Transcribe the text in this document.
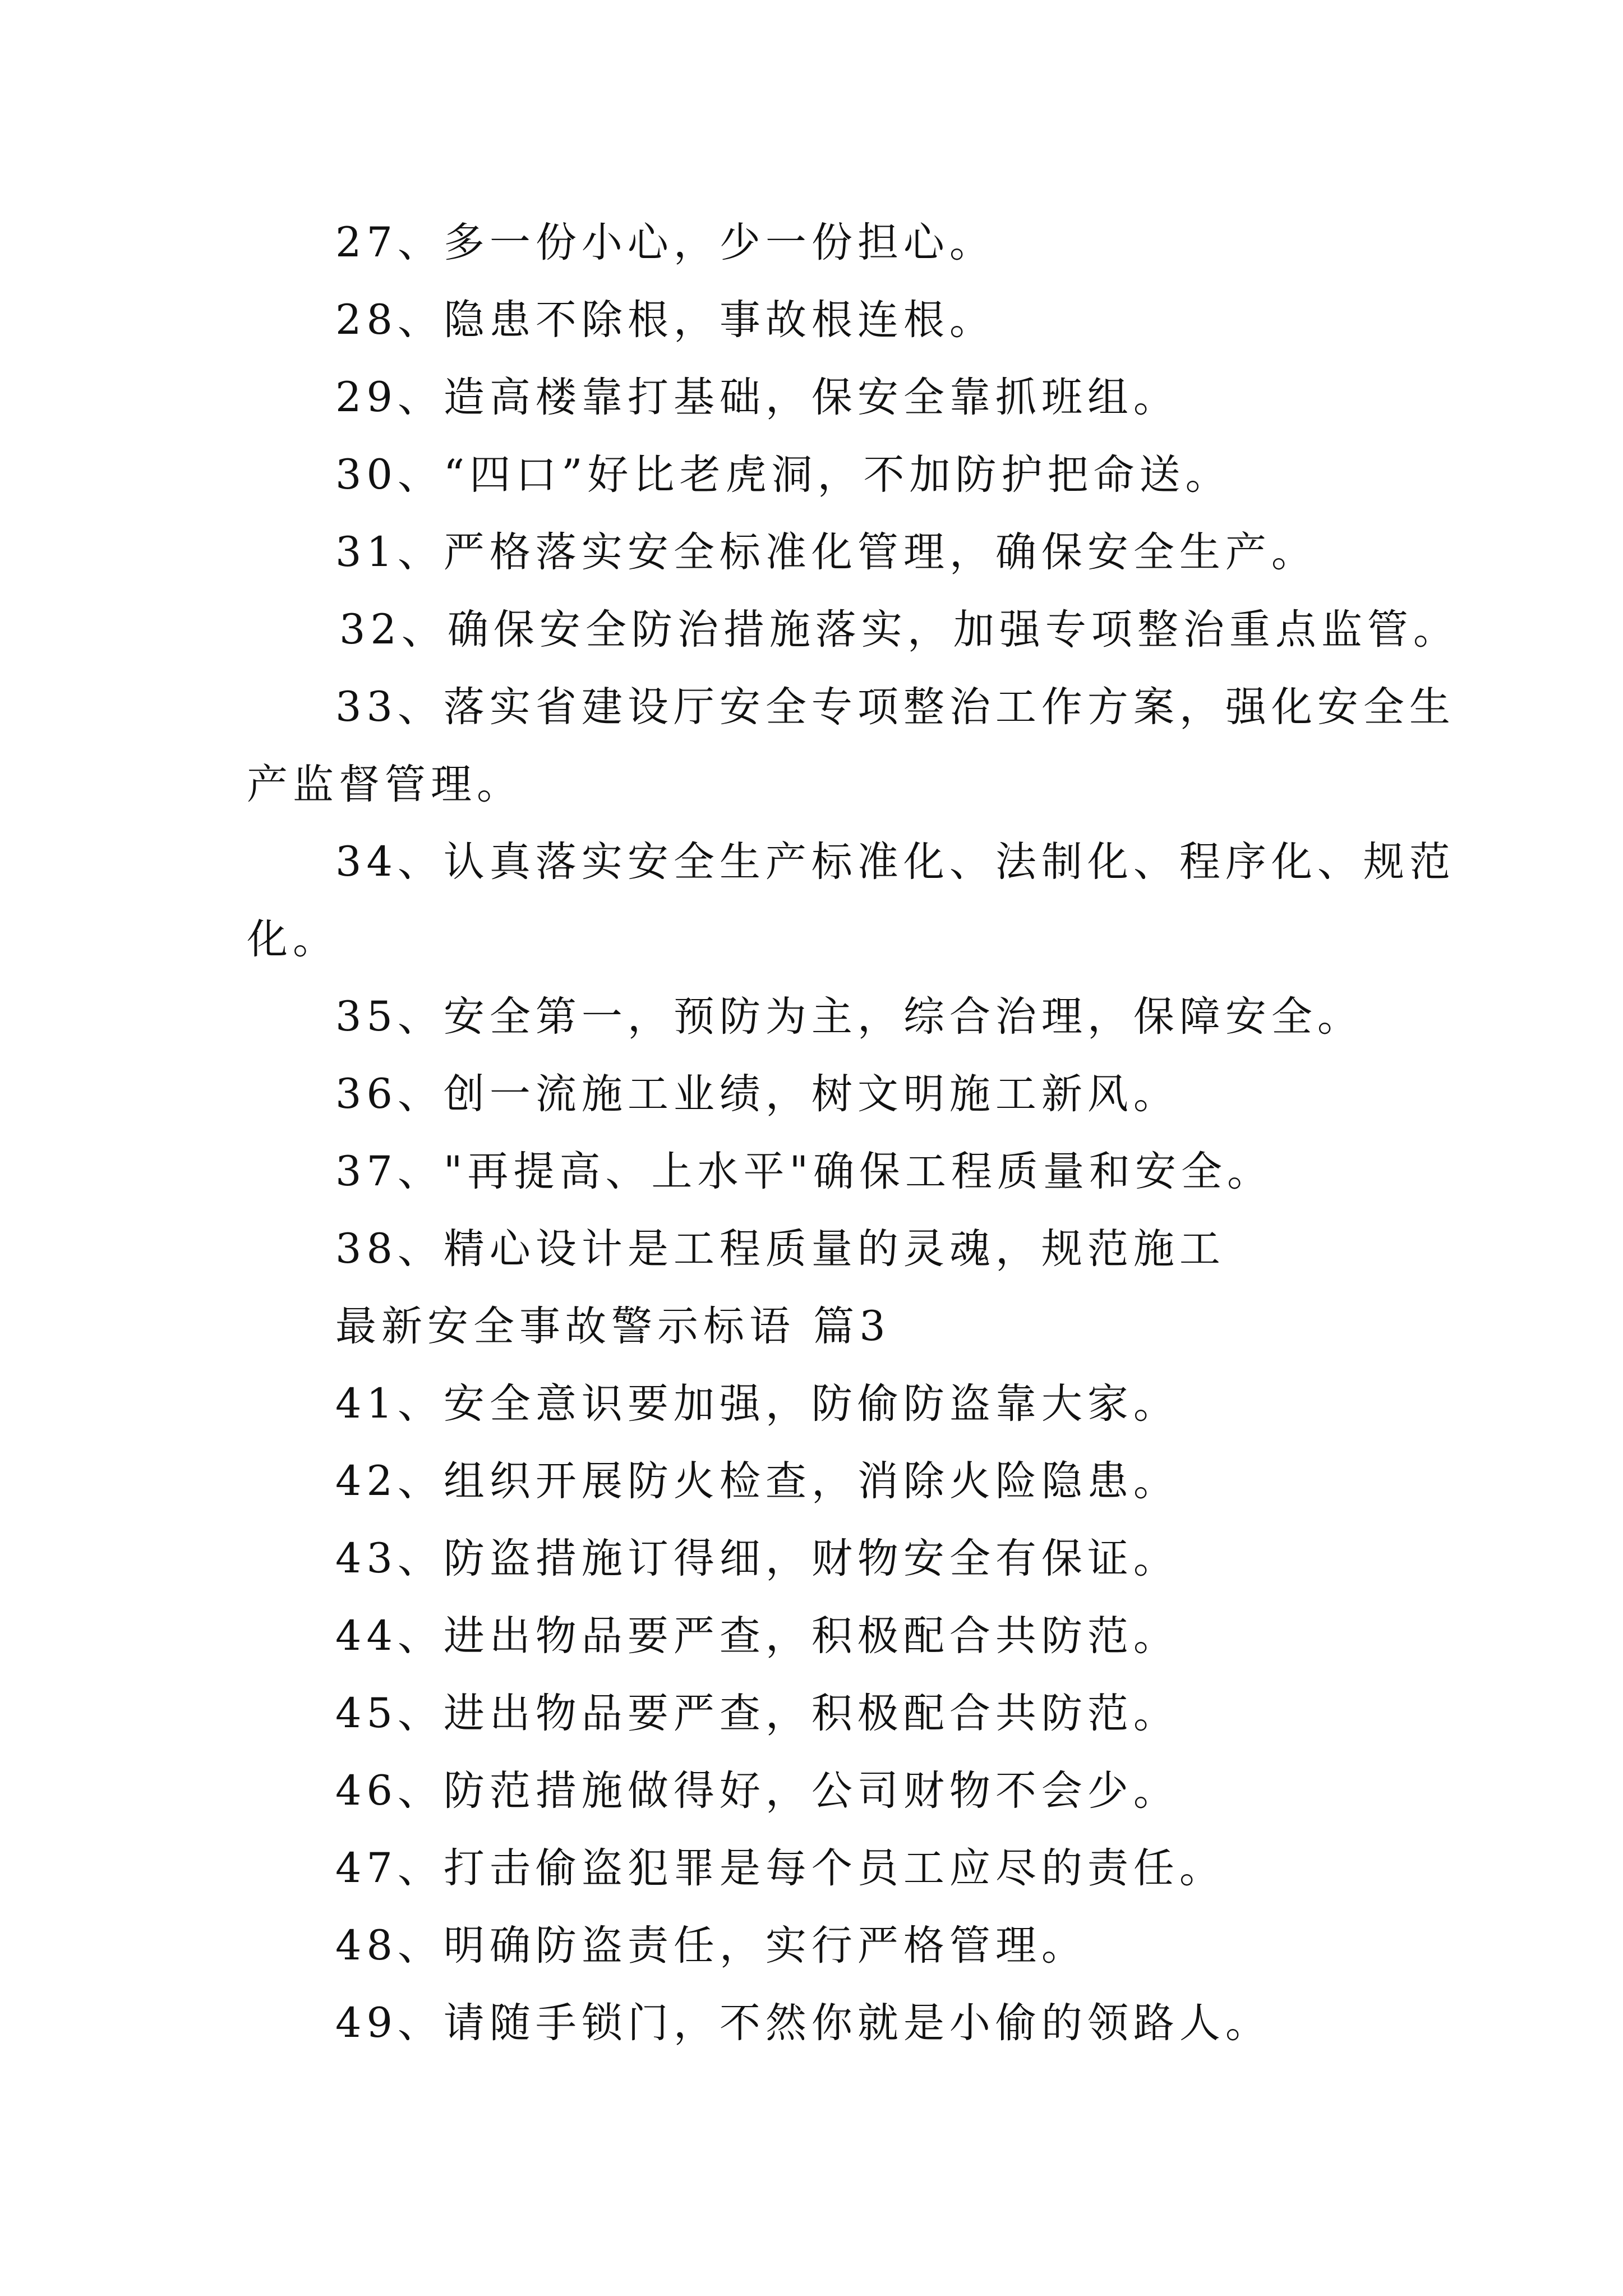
27、多一份小心，少一份担心。
28、隐患不除根，事故根连根。
29、造高楼靠打基础，保安全靠抓班组。
30、“四口”好比老虎洞，不加防护把命送。
31、严格落实安全标准化管理，确保安全生产。
32、确保安全防治措施落实，加强专项整治重点监管。
33、落实省建设厅安全专项整治工作方案，强化安全生
产监督管理。
34、认真落实安全生产标准化、法制化、程序化、规范
化。
35、安全第一，预防为主，综合治理，保障安全。
36、创一流施工业绩，树文明施工新风。
37、"再提高、上水平"确保工程质量和安全。
38、精心设计是工程质量的灵魂，规范施工
最新安全事故警示标语 篇3
41、安全意识要加强，防偷防盗靠大家。
42、组织开展防火检查，消除火险隐患。
43、防盗措施订得细，财物安全有保证。
44、进出物品要严查，积极配合共防范。
45、进出物品要严查，积极配合共防范。
46、防范措施做得好，公司财物不会少。
47、打击偷盗犯罪是每个员工应尽的责任。
48、明确防盗责任，实行严格管理。
49、请随手锁门，不然你就是小偷的领路人。
